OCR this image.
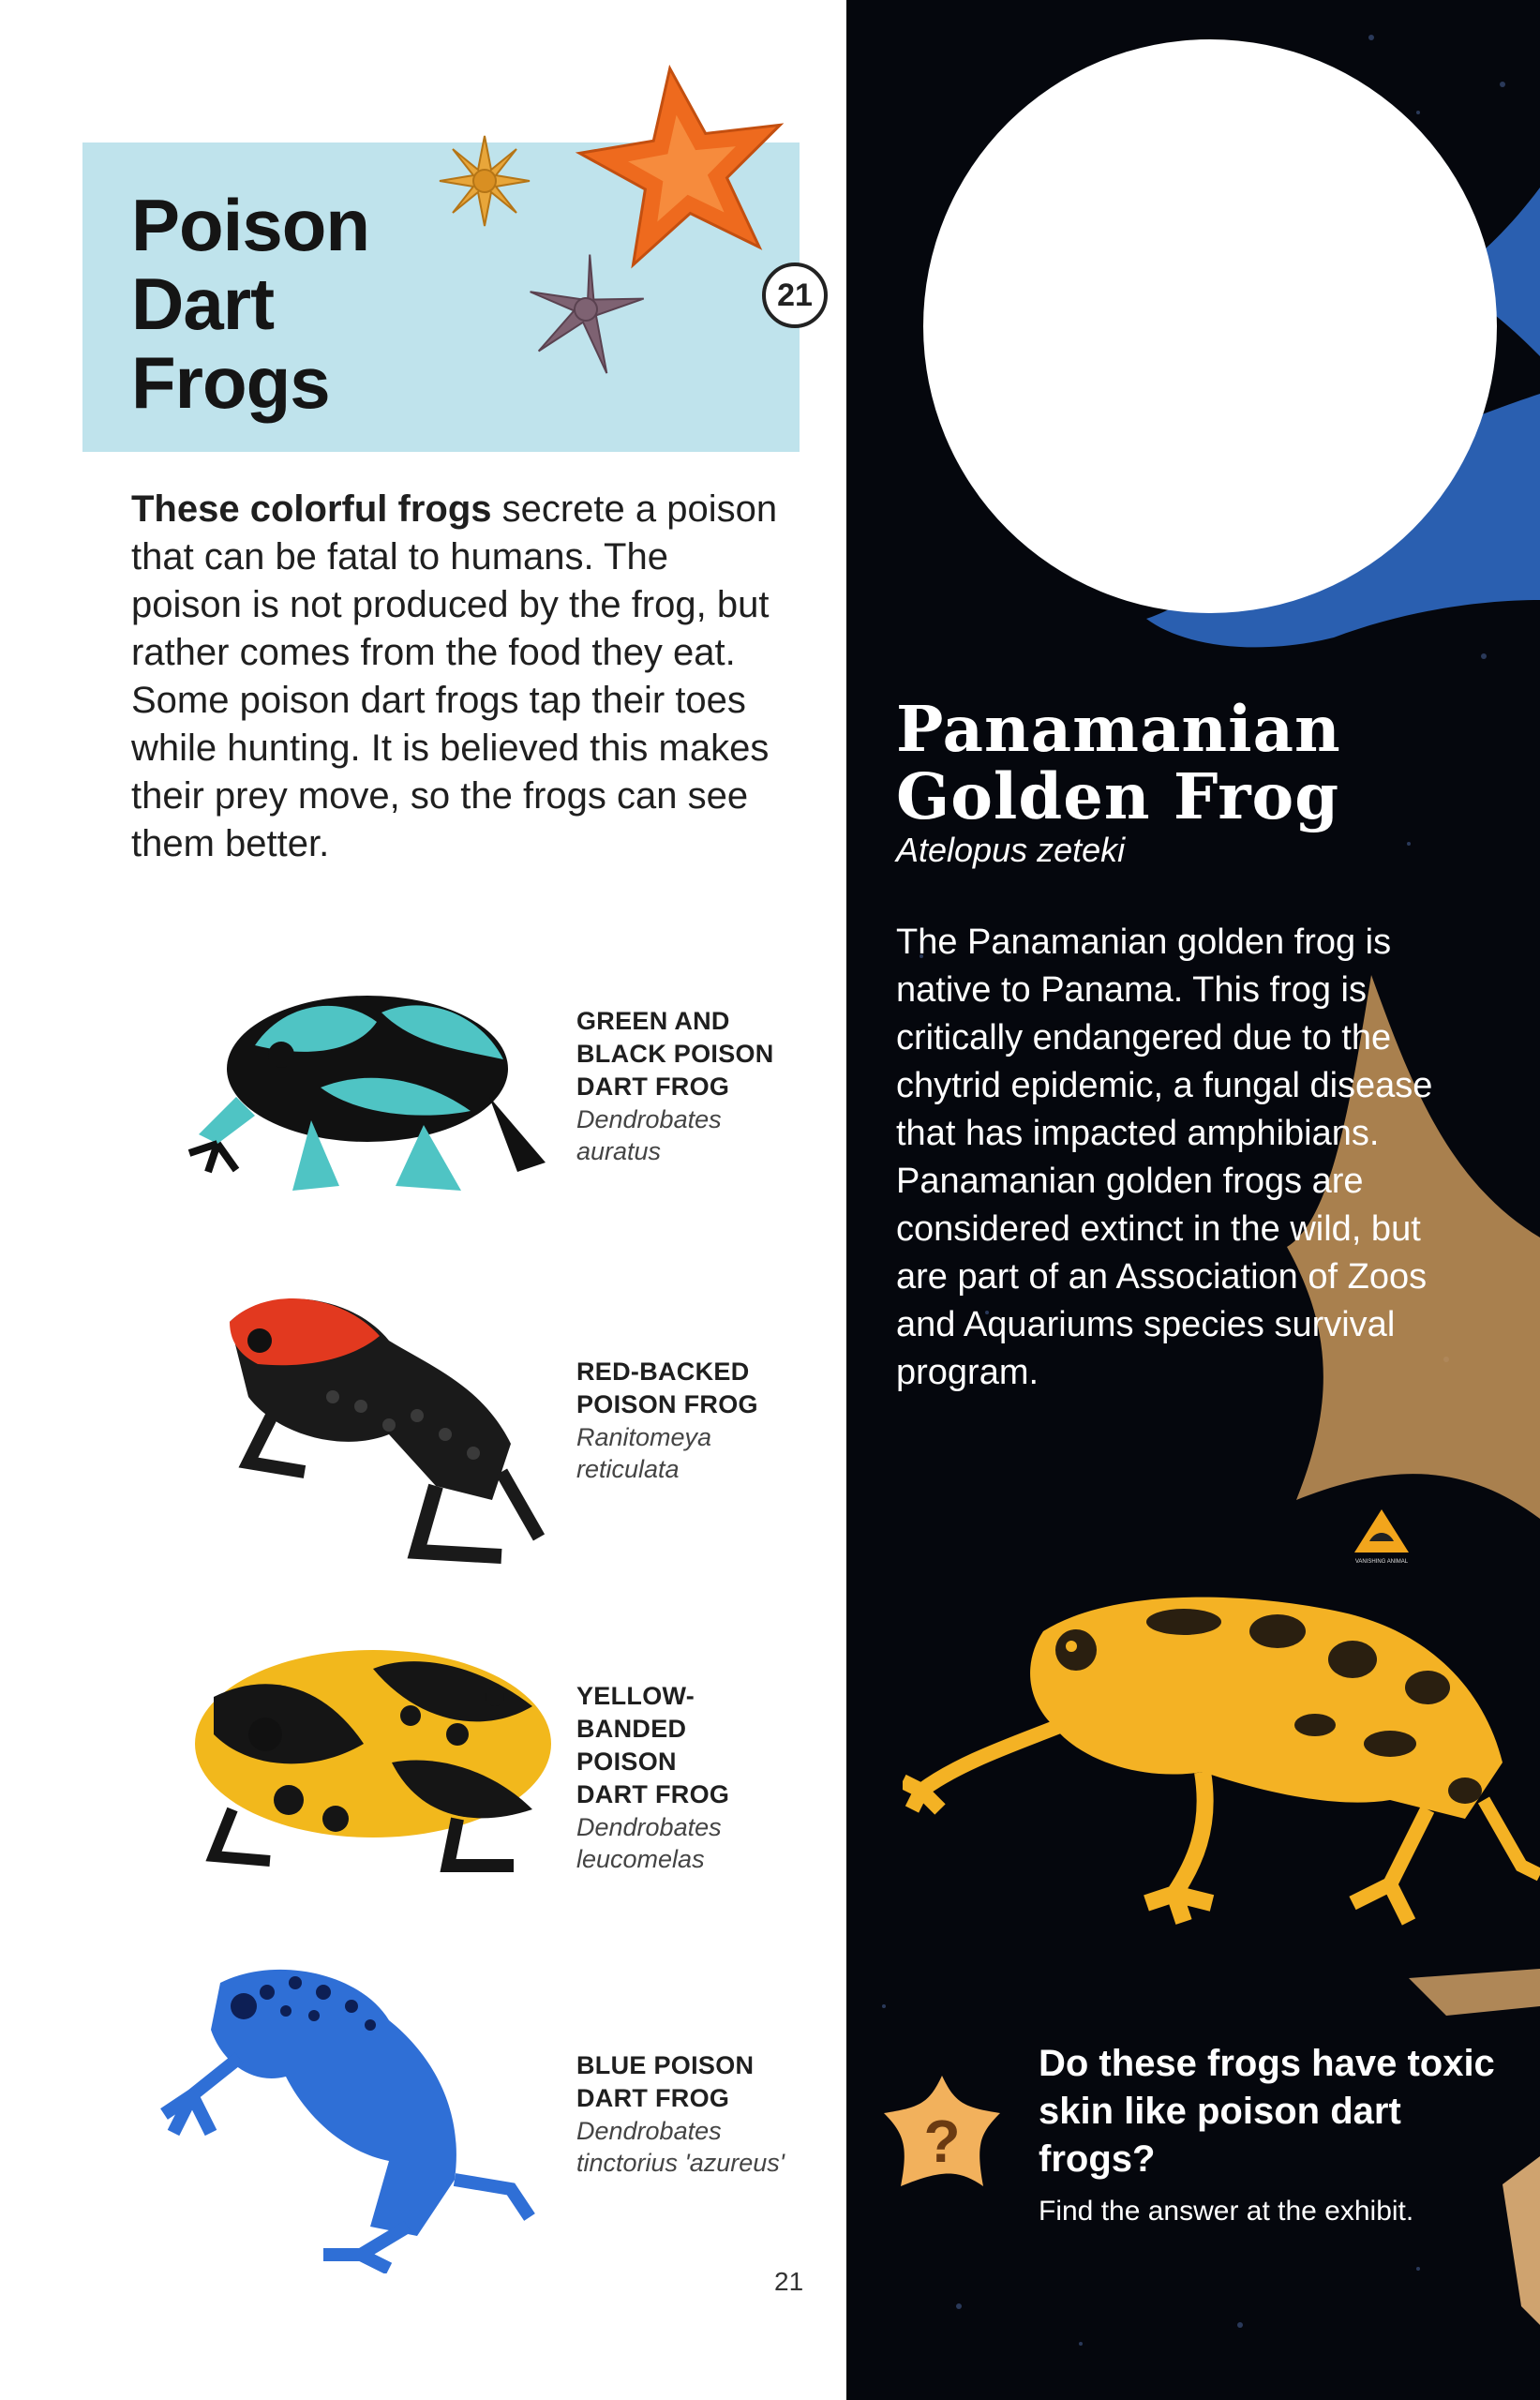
Poison
Dart
Frogs
21

These colorful frogs secrete a poison that can be fatal to humans. The poison is not produced by the frog, but rather comes from the food they eat. Some poison dart frogs tap their toes while hunting. It is believed this makes their prey move, so the frogs can see them better.

GREEN AND
BLACK POISON
DART FROG
Dendrobates
auratus
RED-BACKED
POISON FROG
Ranitomeya
reticulata
YELLOW-
BANDED
POISON
DART FROG
Dendrobates
leucomelas
BLUE POISON
DART FROG
Dendrobates
tinctorius 'azureus'
21
Panamanian
Golden Frog
Atelopus zeteki

The Panamanian golden frog is native to Panama. This frog is critically endangered due to the chytrid epidemic, a fungal disease that has impacted amphibians. Panamanian golden frogs are considered extinct in the wild, but are part of an Association of Zoos and Aquariums species survival program.

VANISHING ANIMAL
?

Do these frogs have toxic skin like poison dart frogs?

Find the answer at the exhibit.
